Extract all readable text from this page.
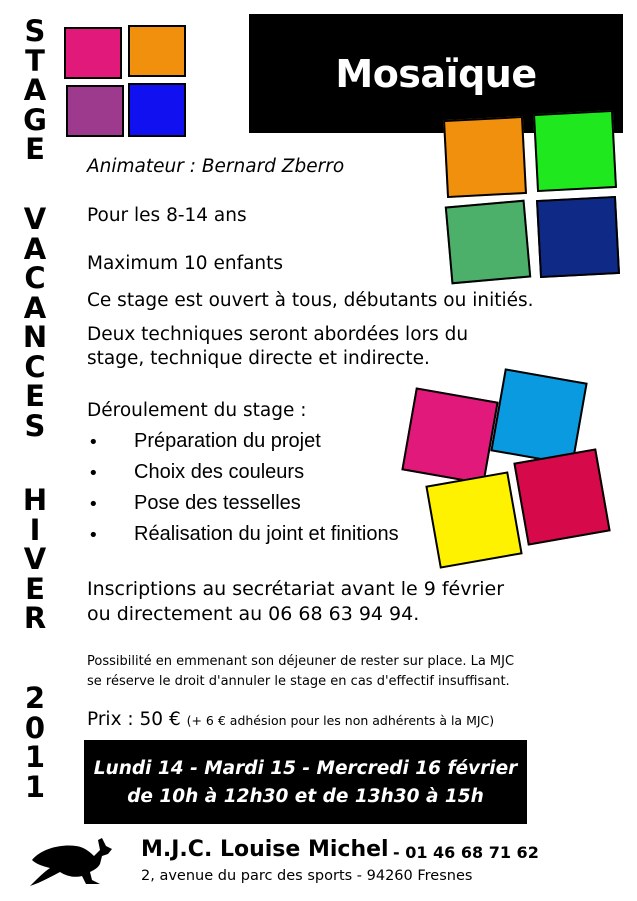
S
T
A
G
E
V
A
C
A
N
C
E
S
H
I
V
E
R
2
0
1
1
Mosaïque
Animateur : Bernard Zberro
Pour les 8-14 ans
Maximum 10 enfants
Ce stage est ouvert à tous, débutants ou initiés.
Deux techniques seront abordées lors du
stage, technique directe et indirecte.
Déroulement du stage :
• Préparation du projet
• Choix des couleurs
• Pose des tesselles
• Réalisation du joint et finitions
Inscriptions au secrétariat avant le 9 février
ou directement au 06 68 63 94 94.
Possibilité en emmenant son déjeuner de rester sur place. La MJC
se réserve le droit d'annuler le stage en cas d'effectif insuffisant.
Prix : 50 € (+ 6 € adhésion pour les non adhérents à la MJC)
Lundi 14 - Mardi 15 - Mercredi 16 février
de 10h à 12h30 et de 13h30 à 15h
M.J.C. Louise Michel - 01 46 68 71 62
2, avenue du parc des sports - 94260 Fresnes
